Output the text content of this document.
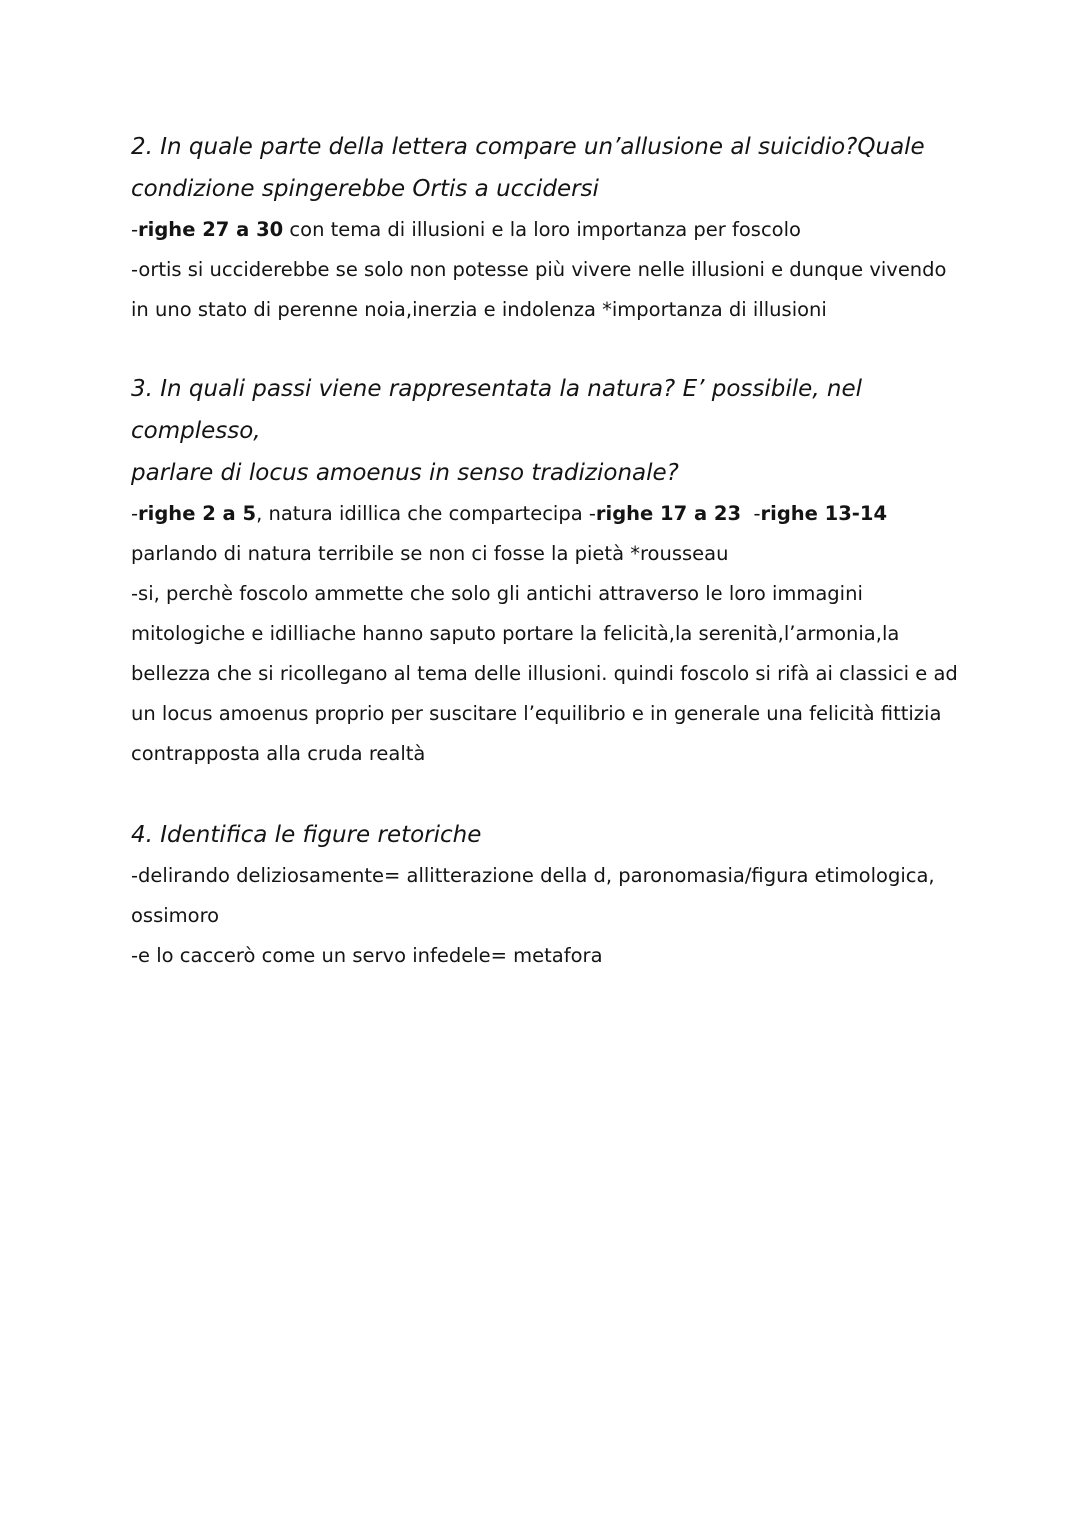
2. In quale parte della lettera compare un’allusione al suicidio?Quale

condizione spingerebbe Ortis a uccidersi

-righe 27 a 30 con tema di illusioni e la loro importanza per foscolo

-ortis si ucciderebbe se solo non potesse più vivere nelle illusioni e dunque vivendo

in uno stato di perenne noia,inerzia e indolenza *importanza di illusioni

3. In quali passi viene rappresentata la natura? E’ possibile, nel complesso,

parlare di locus amoenus in senso tradizionale?

-righe 2 a 5, natura idillica che compartecipa -righe 17 a 23  -righe 13-14

parlando di natura terribile se non ci fosse la pietà *rousseau

-si, perchè foscolo ammette che solo gli antichi attraverso le loro immagini

mitologiche e idilliache hanno saputo portare la felicità,la serenità,l’armonia,la

bellezza che si ricollegano al tema delle illusioni. quindi foscolo si rifà ai classici e ad

un locus amoenus proprio per suscitare l’equilibrio e in generale una felicità fittizia

contrapposta alla cruda realtà

4. Identifica le figure retoriche

-delirando deliziosamente= allitterazione della d, paronomasia/figura etimologica,

ossimoro

-e lo caccerò come un servo infedele= metafora
